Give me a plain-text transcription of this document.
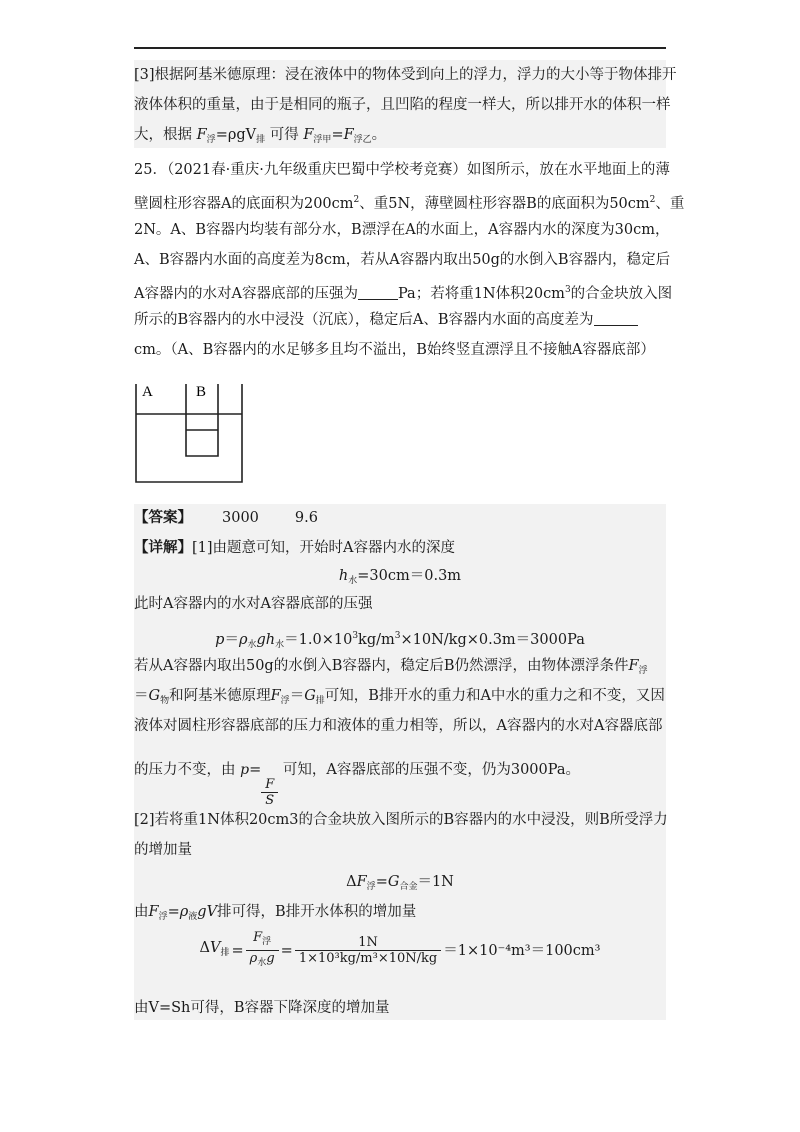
[3]根据阿基米德原理：浸在液体中的物体受到向上的浮力，浮力的大小等于物体排开
液体体积的重量，由于是相同的瓶子，且凹陷的程度一样大，所以排开水的体积一样
大，根据 $F_浮=\rho gV_排$ 可得 $F_{浮甲}=F_{浮乙}$。
25．（2021春·重庆·九年级重庆巴蜀中学校考竞赛）如图所示，放在水平地面上的薄
壁圆柱形容器A的底面积为$200cm^2$、重5N，薄壁圆柱形容器B的底面积为$50cm^2$、重
2N。A、B容器内均装有部分水，B漂浮在A的水面上，A容器内水的深度为30cm，
A、B容器内水面的高度差为8cm，若从A容器内取出50g的水倒入B容器内，稳定后
A容器内的水对A容器底部的压强为	Pa；若将重1N体积$20cm^3$的合金块放入图
所示的B容器内的水中浸没（沉底），稳定后A、B容器内水面的高度差为
cm。（A、B容器内的水足够多且均不溢出，B始终竖直漂浮且不接触A容器底部）
A	B
【答案】 3000 9.6
【详解】[1]由题意可知，开始时A容器内水的深度
$h_水=30cm=0.3m$
此时A容器内的水对A容器底部的压强
$p=\rho_水gh_水=1.0\times 10^3kg/m^3\times 10N/kg\times 0.3m=3000Pa$
若从A容器内取出50g的水倒入B容器内，稳定后B仍然漂浮，由物体漂浮条件$F_浮$
$=G_物$和阿基米德原理$F_浮=G_排$可知，B排开水的重力和A中水的重力之和不变，又因
液体对圆柱形容器底部的压力和液体的重力相等，所以，A容器内的水对A容器底部
的压力不变，由 p=
$\frac{F}{S}$
可知，A容器底部的压强不变，仍为3000Pa。
[2]若将重1N体积20cm3的合金块放入图所示的B容器内的水中浸没，则B所受浮力
的增加量
$\Delta F_浮=G_{合金}=1N$
由$F_浮=\rho_液gV$排可得，B排开水体积的增加量
$\Delta V_排 = \frac{F_浮}{\rho_水g} = \frac{1N}{\text{1×10³kg/m³×10N/kg}} =1\times 10^{-4}m^3=100cm^3$
由V=Sh可得，B容器下降深度的增加量
